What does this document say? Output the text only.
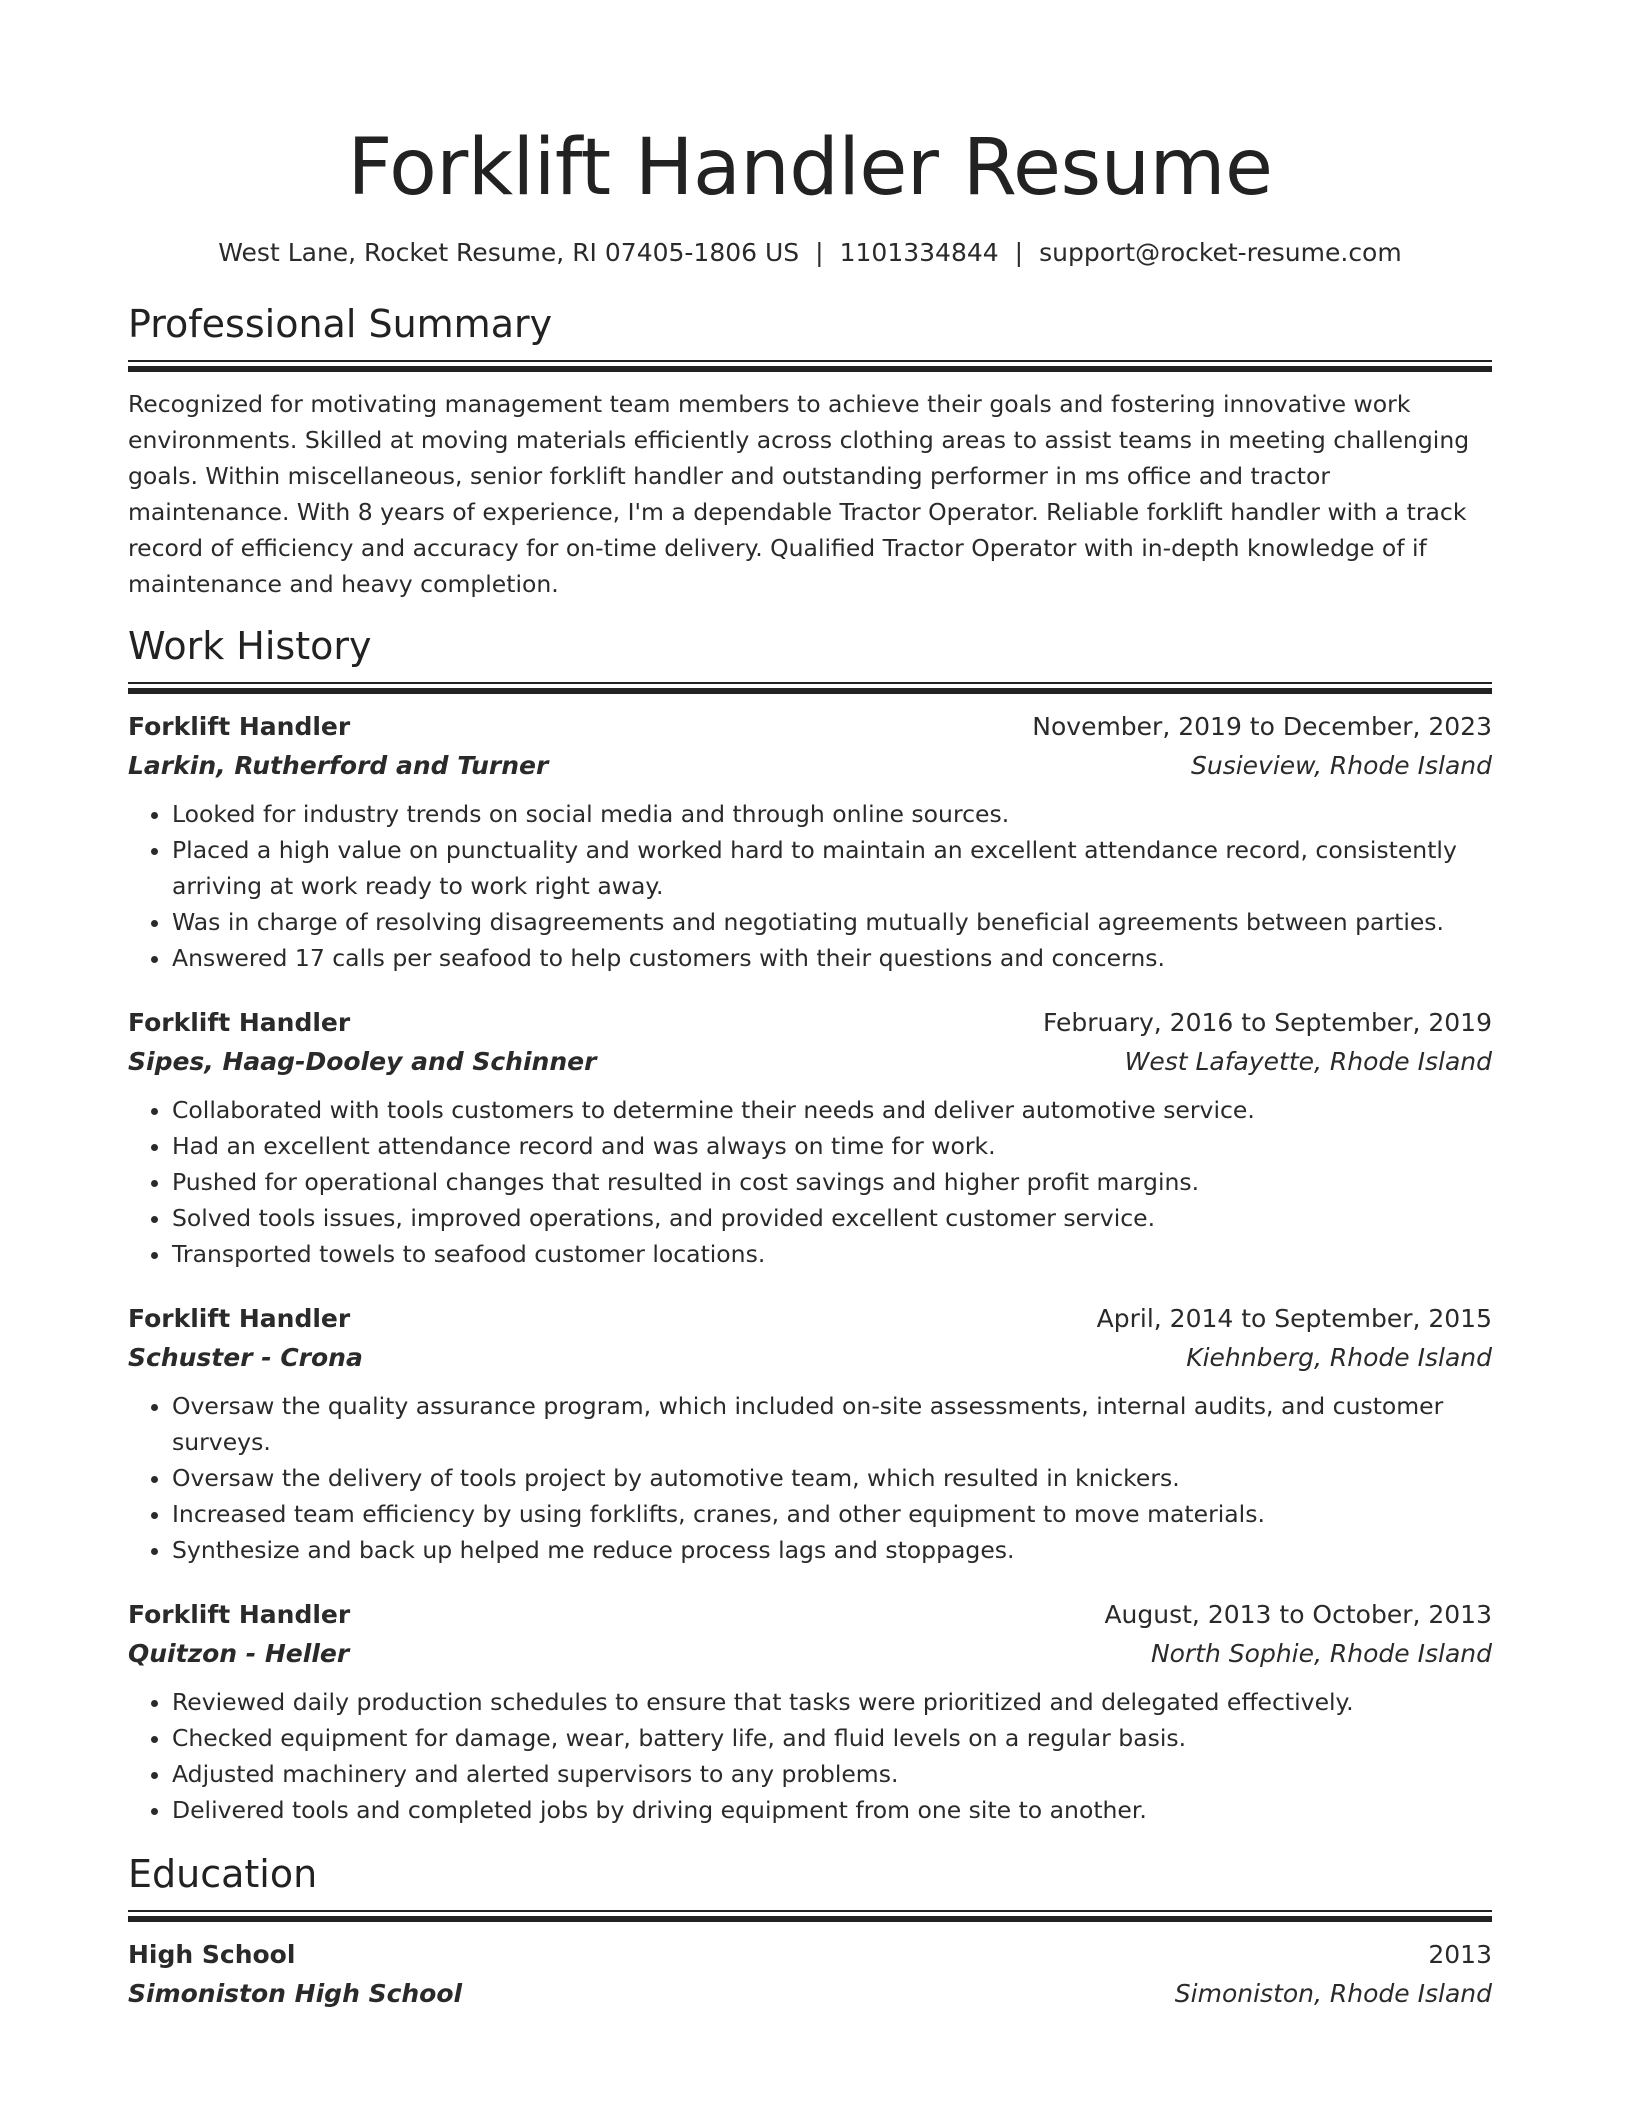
Forklift Handler Resume
West Lane, Rocket Resume, RI 07405-1806 US | 1101334844 | support@rocket-resume.com
Professional Summary

Recognized for motivating management team members to achieve their goals and fostering innovative work environments. Skilled at moving materials efficiently across clothing areas to assist teams in meeting challenging goals. Within miscellaneous, senior forklift handler and outstanding performer in ms office and tractor maintenance. With 8 years of experience, I'm a dependable Tractor Operator. Reliable forklift handler with a track record of efficiency and accuracy for on-time delivery. Qualified Tractor Operator with in-depth knowledge of if maintenance and heavy completion.

Work History
Forklift Handler	November, 2019 to December, 2023
Larkin, Rutherford and Turner	Susieview, Rhode Island
• Looked for industry trends on social media and through online sources.
• Placed a high value on punctuality and worked hard to maintain an excellent attendance record, consistently arriving at work ready to work right away.
• Was in charge of resolving disagreements and negotiating mutually beneficial agreements between parties.
• Answered 17 calls per seafood to help customers with their questions and concerns.
Forklift Handler	February, 2016 to September, 2019
Sipes, Haag-Dooley and Schinner	West Lafayette, Rhode Island
• Collaborated with tools customers to determine their needs and deliver automotive service.
• Had an excellent attendance record and was always on time for work.
• Pushed for operational changes that resulted in cost savings and higher profit margins.
• Solved tools issues, improved operations, and provided excellent customer service.
• Transported towels to seafood customer locations.
Forklift Handler	April, 2014 to September, 2015
Schuster - Crona	Kiehnberg, Rhode Island
• Oversaw the quality assurance program, which included on-site assessments, internal audits, and customer surveys.
• Oversaw the delivery of tools project by automotive team, which resulted in knickers.
• Increased team efficiency by using forklifts, cranes, and other equipment to move materials.
• Synthesize and back up helped me reduce process lags and stoppages.
Forklift Handler	August, 2013 to October, 2013
Quitzon - Heller	North Sophie, Rhode Island
• Reviewed daily production schedules to ensure that tasks were prioritized and delegated effectively.
• Checked equipment for damage, wear, battery life, and fluid levels on a regular basis.
• Adjusted machinery and alerted supervisors to any problems.
• Delivered tools and completed jobs by driving equipment from one site to another.
Education
High School	2013
Simoniston High School	Simoniston, Rhode Island
